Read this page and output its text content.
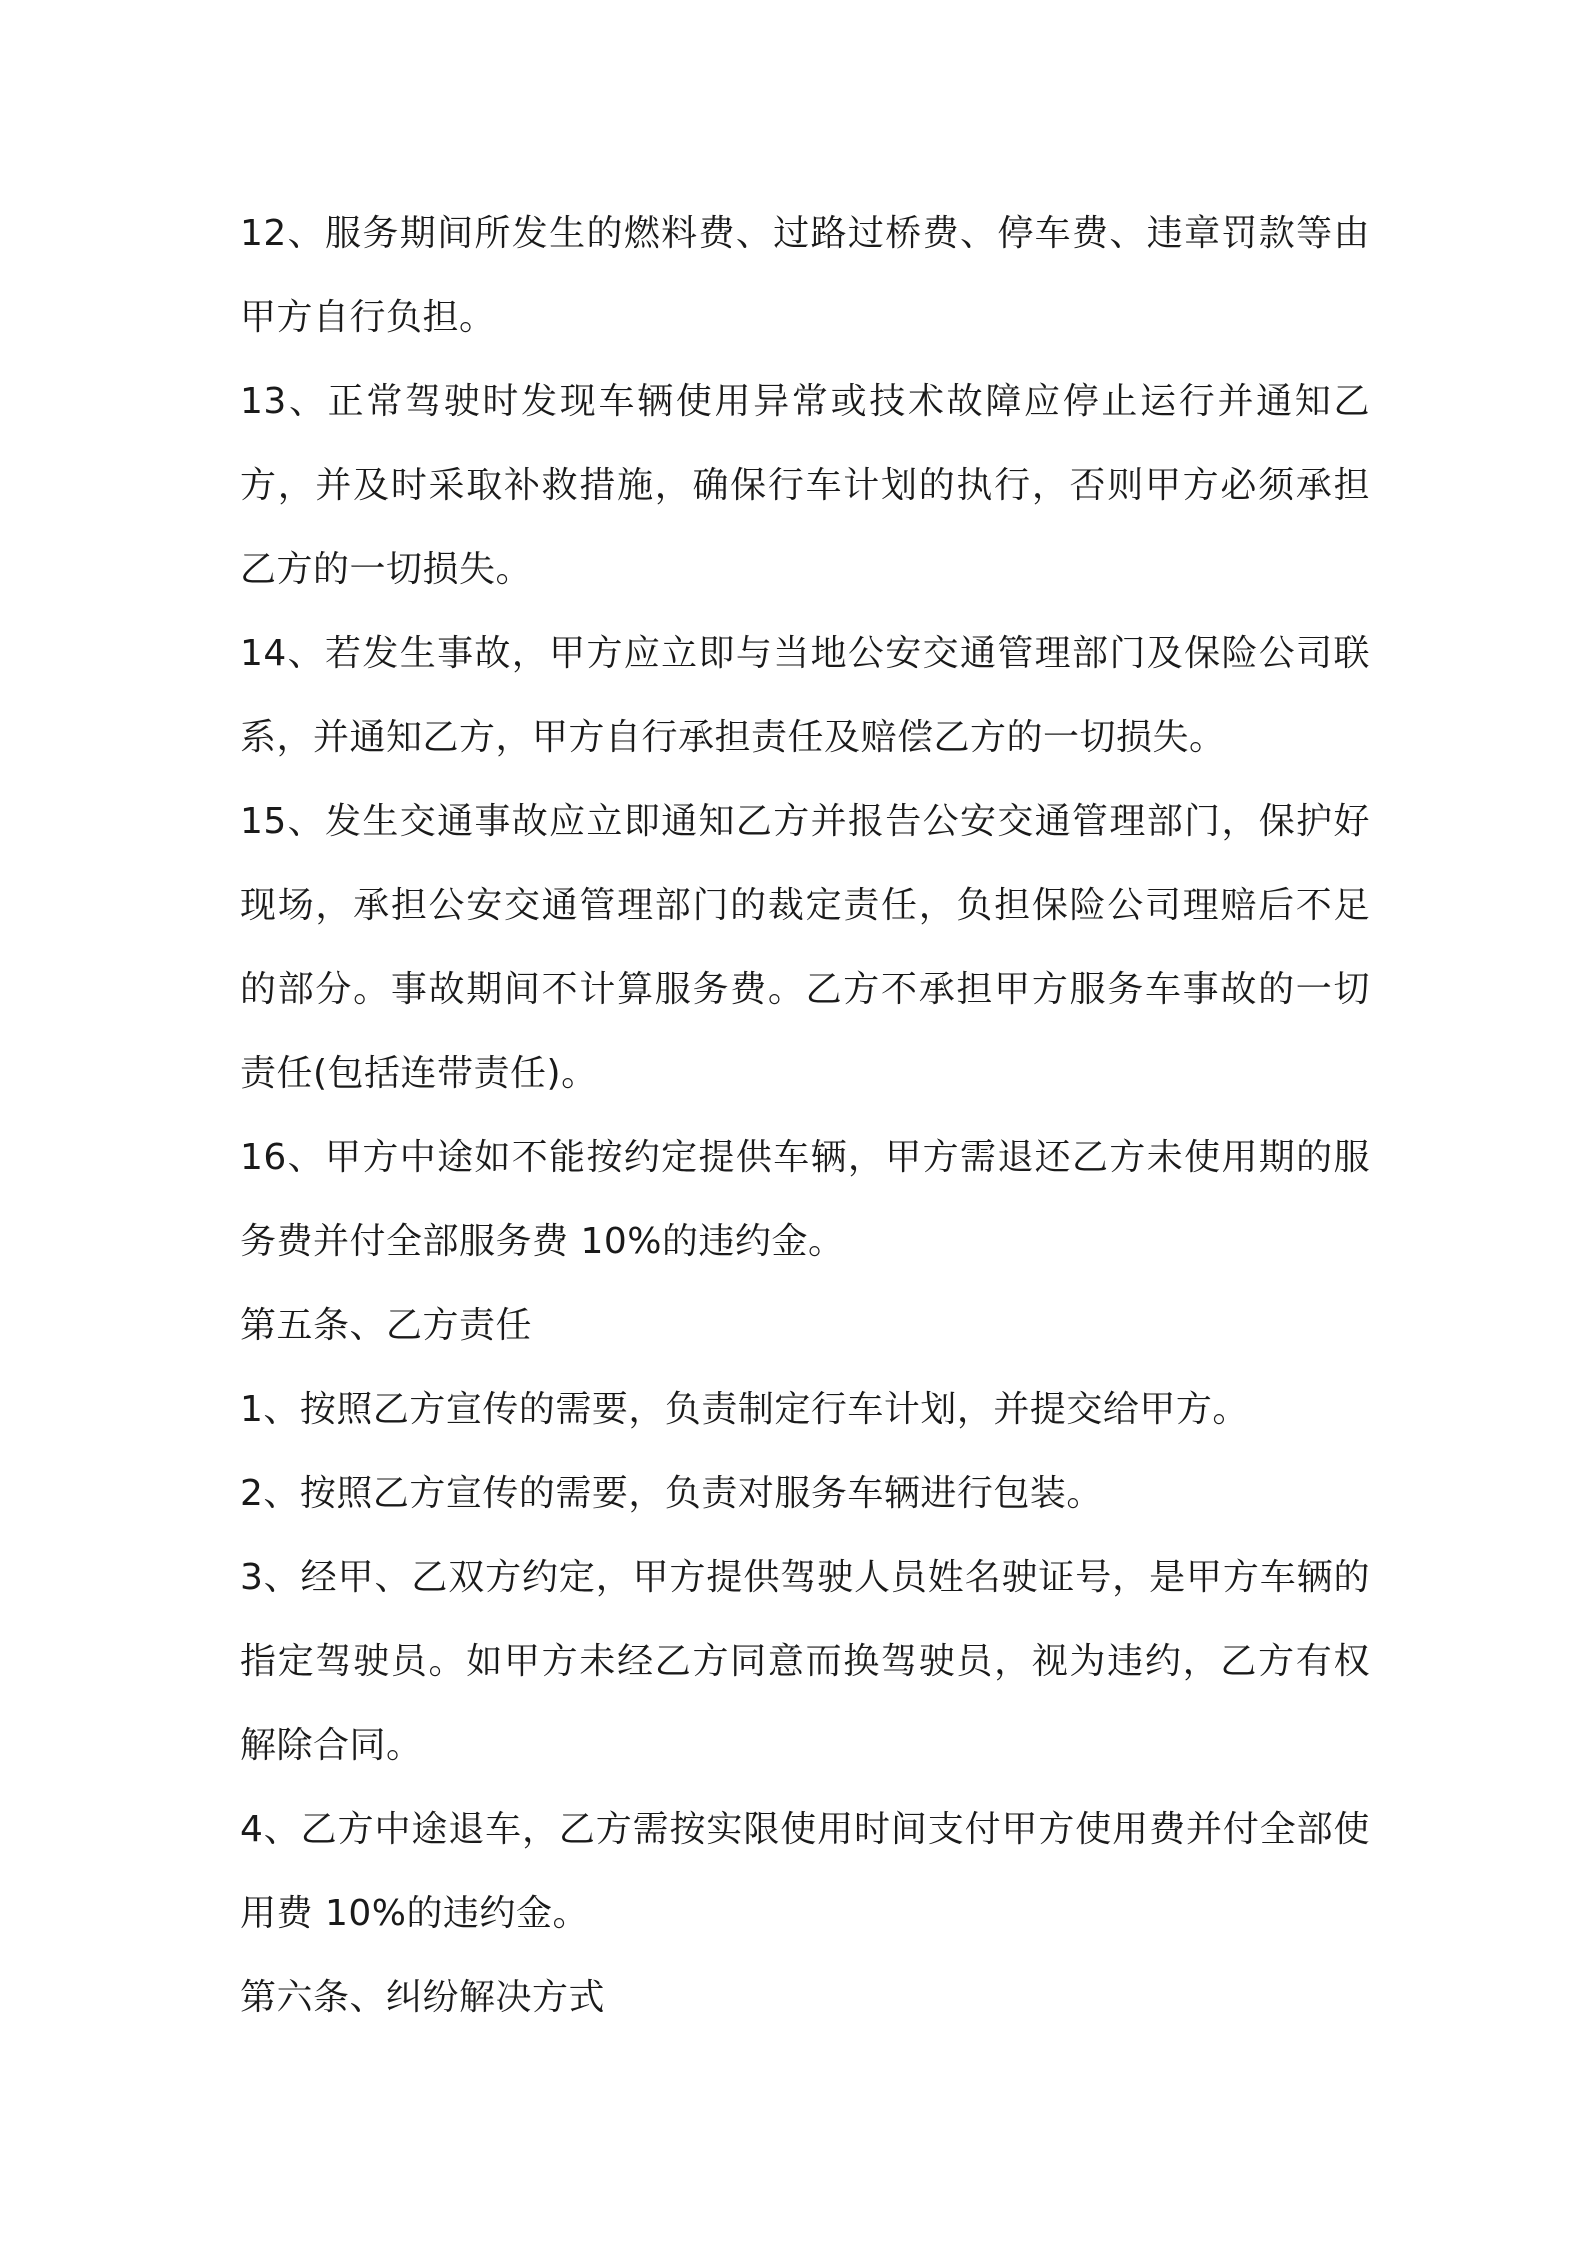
12、服务期间所发生的燃料费、过路过桥费、停车费、违章罚款等由甲方自行负担。

13、正常驾驶时发现车辆使用异常或技术故障应停止运行并通知乙方，并及时采取补救措施，确保行车计划的执行，否则甲方必须承担乙方的一切损失。

14、若发生事故，甲方应立即与当地公安交通管理部门及保险公司联系，并通知乙方，甲方自行承担责任及赔偿乙方的一切损失。

15、发生交通事故应立即通知乙方并报告公安交通管理部门，保护好现场，承担公安交通管理部门的裁定责任，负担保险公司理赔后不足的部分。事故期间不计算服务费。乙方不承担甲方服务车事故的一切责任(包括连带责任)。

16、甲方中途如不能按约定提供车辆，甲方需退还乙方未使用期的服务费并付全部服务费 10%的违约金。

第五条、乙方责任

1、按照乙方宣传的需要，负责制定行车计划，并提交给甲方。

2、按照乙方宣传的需要，负责对服务车辆进行包装。

3、经甲、乙双方约定，甲方提供驾驶人员姓名驶证号，是甲方车辆的指定驾驶员。如甲方未经乙方同意而换驾驶员，视为违约，乙方有权解除合同。

4、乙方中途退车，乙方需按实限使用时间支付甲方使用费并付全部使用费 10%的违约金。

第六条、纠纷解决方式
